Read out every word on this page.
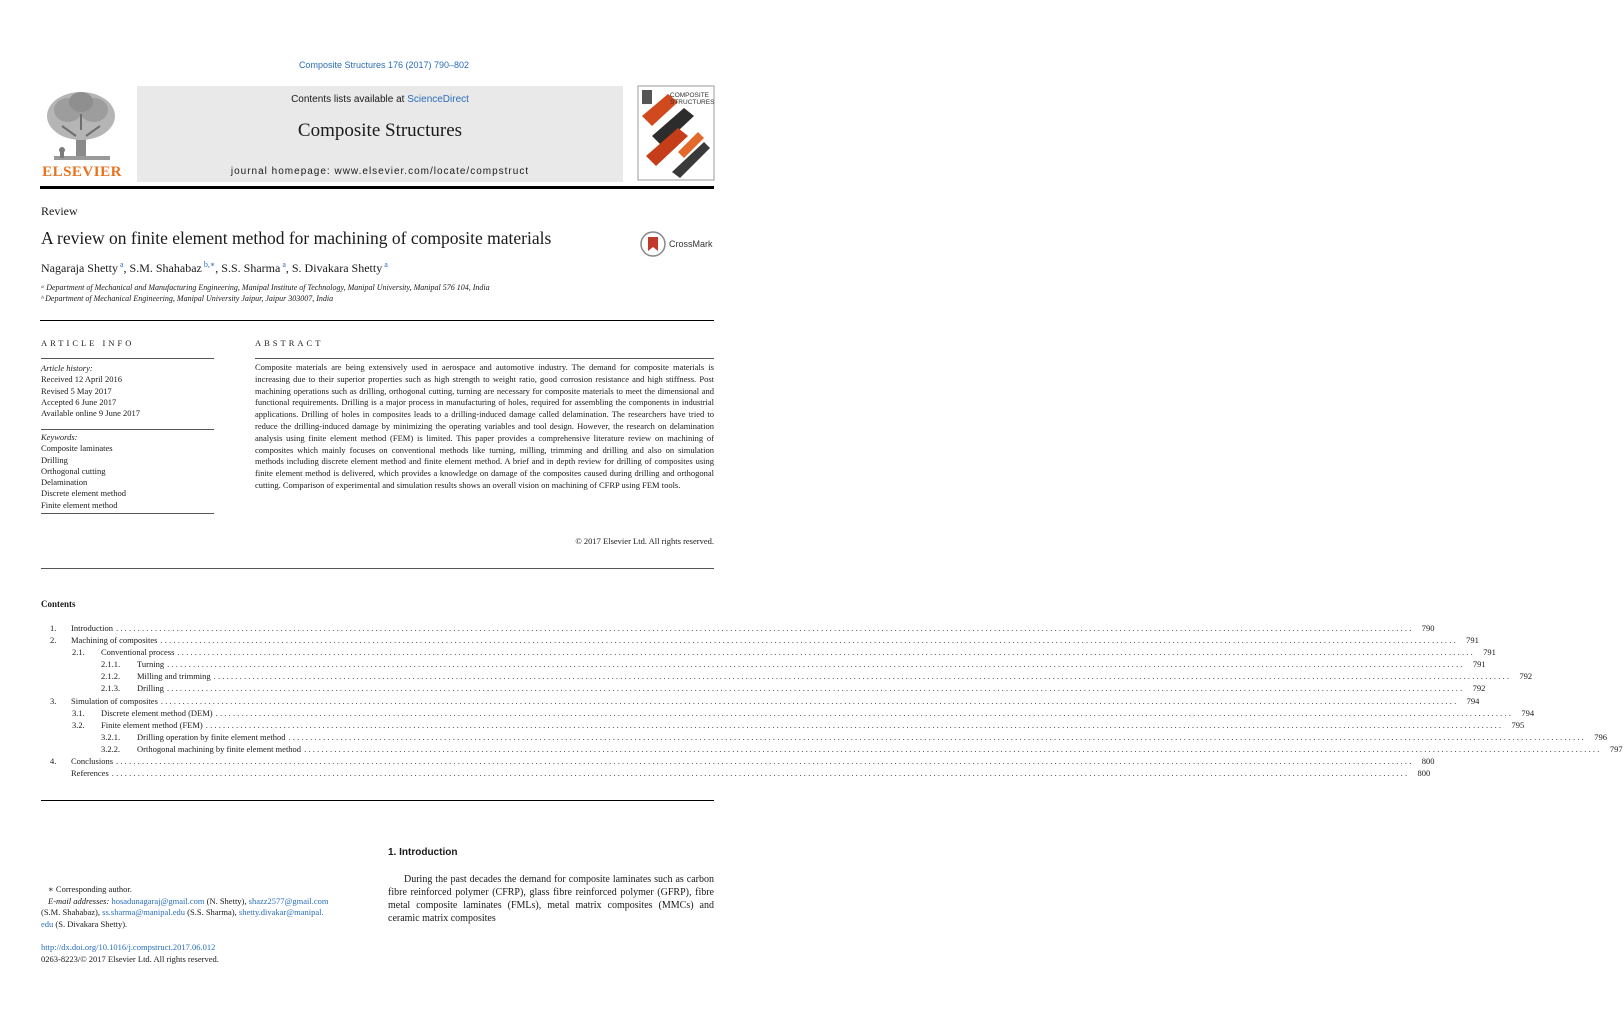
Composite Structures 176 (2017) 790–802
ELSEVIER
Contents lists available at ScienceDirect
Composite Structures
journal homepage: www.elsevier.com/locate/compstruct
COMPOSITE
STRUCTURES
Review
A review on finite element method for machining of composite materials	CrossMark
Nagaraja Shetty $^a$, S.M. Shahabaz $^{b,∗}$, S.S. Sharma $^a$, S. Divakara Shetty $^a$
ᵃ Department of Mechanical and Manufacturing Engineering, Manipal Institute of Technology, Manipal University, Manipal 576 104, India
ᵇ Department of Mechanical Engineering, Manipal University Jaipur, Jaipur 303007, India
ARTICLE INFO	ABSTRACT
Article history:
Received 12 April 2016
Revised 5 May 2017
Accepted 6 June 2017
Available online 9 June 2017
Keywords:
Composite laminates
Drilling
Orthogonal cutting
Delamination
Discrete element method
Finite element method
Composite materials are being extensively used in aerospace and automotive industry. The demand for composite materials is increasing due to their superior properties such as high strength to weight ratio, good corrosion resistance and high stiffness. Post machining operations such as drilling, orthogonal cutting, turning are necessary for composite materials to meet the dimensional and functional requirements. Drilling is a major process in manufacturing of holes, required for assembling the components in industrial applications. Drilling of holes in composites leads to a drilling-induced damage called delamination. The researchers have tried to reduce the drilling-induced damage by minimizing the operating variables and tool design. However, the research on delamination analysis using finite element method (FEM) is limited. This paper provides a comprehensive literature review on machining of composites which mainly focuses on conventional methods like turning, milling, trimming and drilling and also on simulation methods including discrete element method and finite element method. A brief and in depth review for drilling of composites using finite element method is delivered, which provides a knowledge on damage of the composites caused during drilling and orthogonal cutting. Comparison of experimental and simulation results shows an overall vision on machining of CFRP using FEM tools.
© 2017 Elsevier Ltd. All rights reserved.
Contents
1.	Introduction ............................................................................................................................................................................................................................................................................................................ 790
2.	Machining of composites ............................................................................................................................................................................................................................................................................................................ 791
2.1.	Conventional process ............................................................................................................................................................................................................................................................................................................ 791
2.1.1.	Turning ............................................................................................................................................................................................................................................................................................................ 791
2.1.2.	Milling and trimming ............................................................................................................................................................................................................................................................................................................ 792
2.1.3.	Drilling ............................................................................................................................................................................................................................................................................................................ 792
3.	Simulation of composites ............................................................................................................................................................................................................................................................................................................ 794
3.1.	Discrete element method (DEM) ............................................................................................................................................................................................................................................................................................................ 794
3.2.	Finite element method (FEM) ............................................................................................................................................................................................................................................................................................................ 795
3.2.1.	Drilling operation by finite element method ............................................................................................................................................................................................................................................................................................................ 796
3.2.2.	Orthogonal machining by finite element method ............................................................................................................................................................................................................................................................................................................ 797
4.	Conclusions ............................................................................................................................................................................................................................................................................................................ 800
References ............................................................................................................................................................................................................................................................................................................ 800
∗ Corresponding author.
E-mail addresses: hosadunagaraj@gmail.com (N. Shetty), shazz2577@gmail.com
(S.M. Shahabaz), ss.sharma@manipal.edu (S.S. Sharma), shetty.divakar@manipal.
edu (S. Divakara Shetty).
http://dx.doi.org/10.1016/j.compstruct.2017.06.012
0263-8223/© 2017 Elsevier Ltd. All rights reserved.
1. Introduction
During the past decades the demand for composite laminates such as carbon fibre reinforced polymer (CFRP), glass fibre reinforced polymer (GFRP), fibre metal composite laminates (FMLs), metal matrix composites (MMCs) and ceramic matrix composites
